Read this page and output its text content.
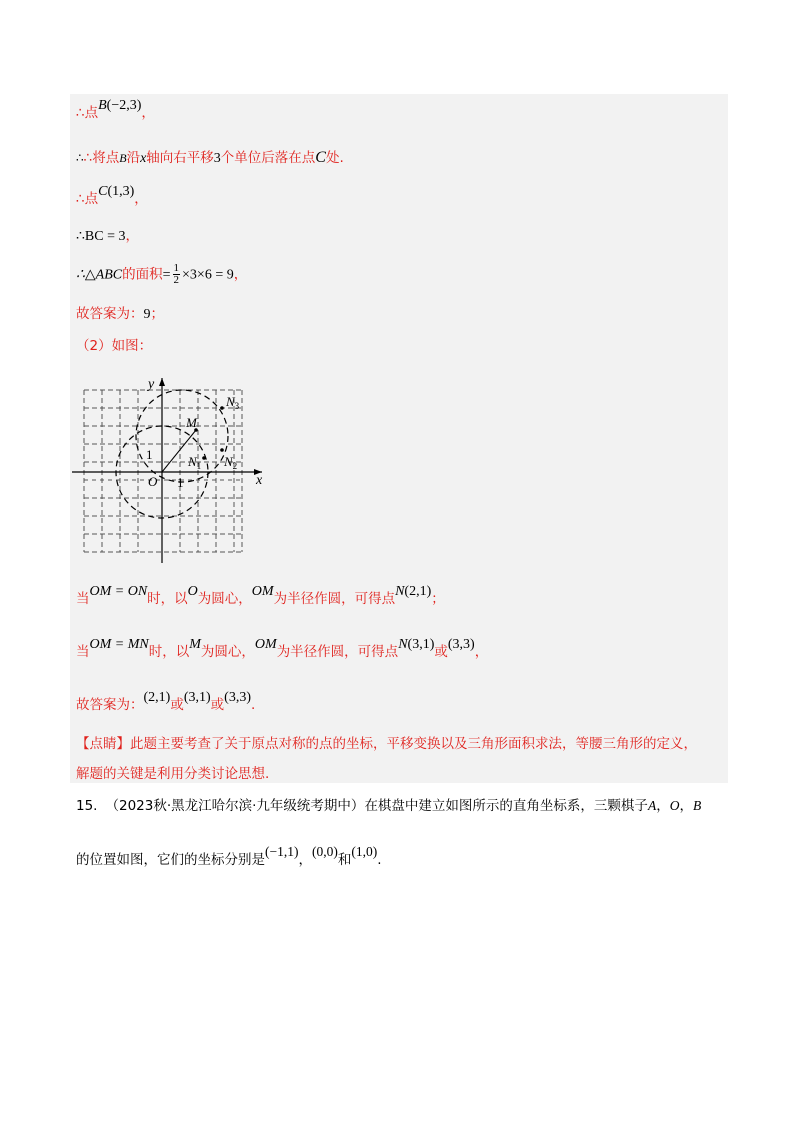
∴点B(−2,3)，
∴∴将点B沿x轴向右平移3个单位后落在点C处.
∴点C(1,3)，
∴BC = 3，
∴△ABC的面积= $\frac{1}{2} \times 3\times 6 = 9$，
故答案为：9；
（2）如图：
y
x
O 1
1
M
$N_1$ $N_2$
$N_3$
当OM = ON时，以O为圆心，OM为半径作圆，可得点N(2,1)；
当OM = MN时，以M为圆心，OM为半径作圆，可得点N(3,1)或(3,3)，
故答案为：(2,1)或(3,1)或(3,3).
【点睛】此题主要考查了关于原点对称的点的坐标，平移变换以及三角形面积求法，等腰三角形的定义，
解题的关键是利用分类讨论思想.
15. （2023秋·黑龙江哈尔滨·九年级统考期中）在棋盘中建立如图所示的直角坐标系，三颗棋子A，O，B
的位置如图，它们的坐标分别是(−1,1)，(0,0)和(1,0).
